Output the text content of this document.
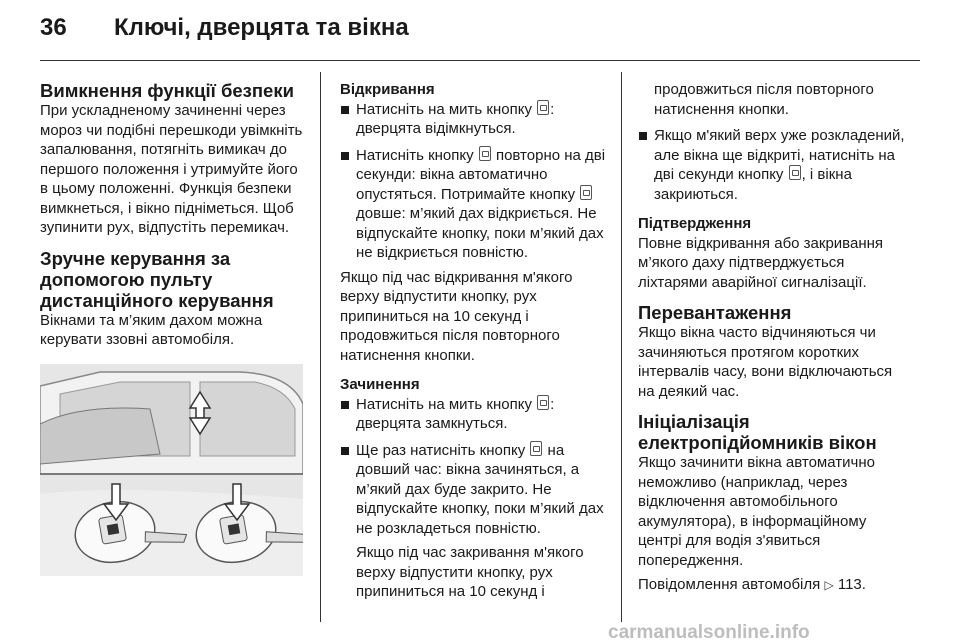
36	Ключі, дверцята та вікна
Вимкнення функції безпеки

При ускладненому зачиненні через мороз чи подібні перешкоди увімкніть запалювання, потягніть вимикач до першого положення і утримуйте його в цьому положенні. Функція безпеки вимкнеться, і вікно підніметься. Щоб зупинити рух, відпустіть перемикач.

Зручне керування за допомогою пульту дистанційного керування

Вікнами та м’яким дахом можна керувати ззовні автомобіля.

Відкривання
Натисніть на мить кнопку : дверцята відімкнуться.
Натисніть кнопку повторно на дві секунди: вікна автоматично опустяться. Потримайте кнопку  довше: м’який дах відкриється. Не відпускайте кнопку, поки м’який дах не відкриється повністю.

Якщо під час відкривання м'якого верху відпустити кнопку, рух припиниться на 10 секунд і продовжиться після повторного натиснення кнопки.

Зачинення
Натисніть на мить кнопку : дверцята замкнуться.
Ще раз натисніть кнопку на довший час: вікна зачиняться, а м’який дах буде закрито. Не відпускайте кнопку, поки м’який дах не розкладеться повністю.

Якщо під час закривання м'якого верху відпустити кнопку, рух припиниться на 10 секунд і

продовжиться після повторного натиснення кнопки.

Якщо м'який верх уже розкладений, але вікна ще відкриті, натисніть на дві секунди кнопку , і вікна закриються.
Підтвердження

Повне відкривання або закривання м’якого даху підтверджується ліхтарями аварійної сигналізації.

Перевантаження

Якщо вікна часто відчиняються чи зачиняються протягом коротких інтервалів часу, вони відключаються на деякий час.

Ініціалізація електропідйомників вікон

Якщо зачинити вікна автоматично неможливо (наприклад, через відключення автомобільного акумулятора), в інформаційному центрі для водія з'явиться попередження.

Повідомлення автомобіля ▷ 113.

carmanualsonline.info
